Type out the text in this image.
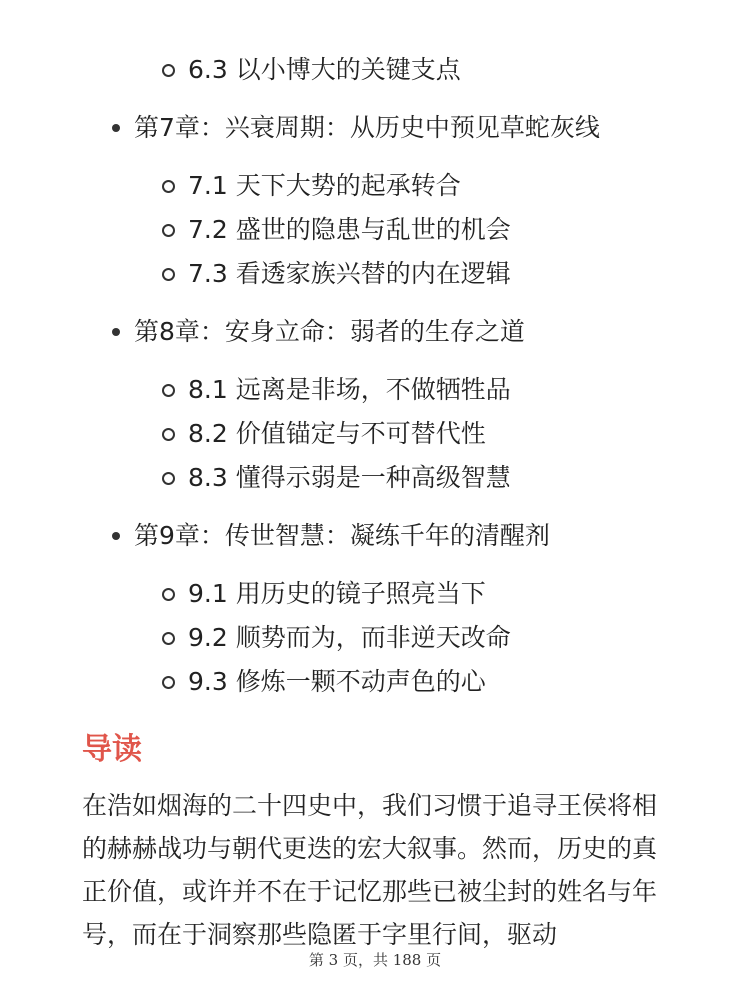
6.3 以小博大的关键支点
第7章：兴衰周期：从历史中预见草蛇灰线
7.1 天下大势的起承转合
7.2 盛世的隐患与乱世的机会
7.3 看透家族兴替的内在逻辑
第8章：安身立命：弱者的生存之道
8.1 远离是非场，不做牺牲品
8.2 价值锚定与不可替代性
8.3 懂得示弱是一种高级智慧
第9章：传世智慧：凝练千年的清醒剂
9.1 用历史的镜子照亮当下
9.2 顺势而为，而非逆天改命
9.3 修炼一颗不动声色的心
导读

在浩如烟海的二十四史中，我们习惯于追寻王侯将相的赫赫战功与朝代更迭的宏大叙事。然而，历史的真正价值，或许并不在于记忆那些已被尘封的姓名与年号，而在于洞察那些隐匿于字里行间，驱动

第 3 页，共 188 页
